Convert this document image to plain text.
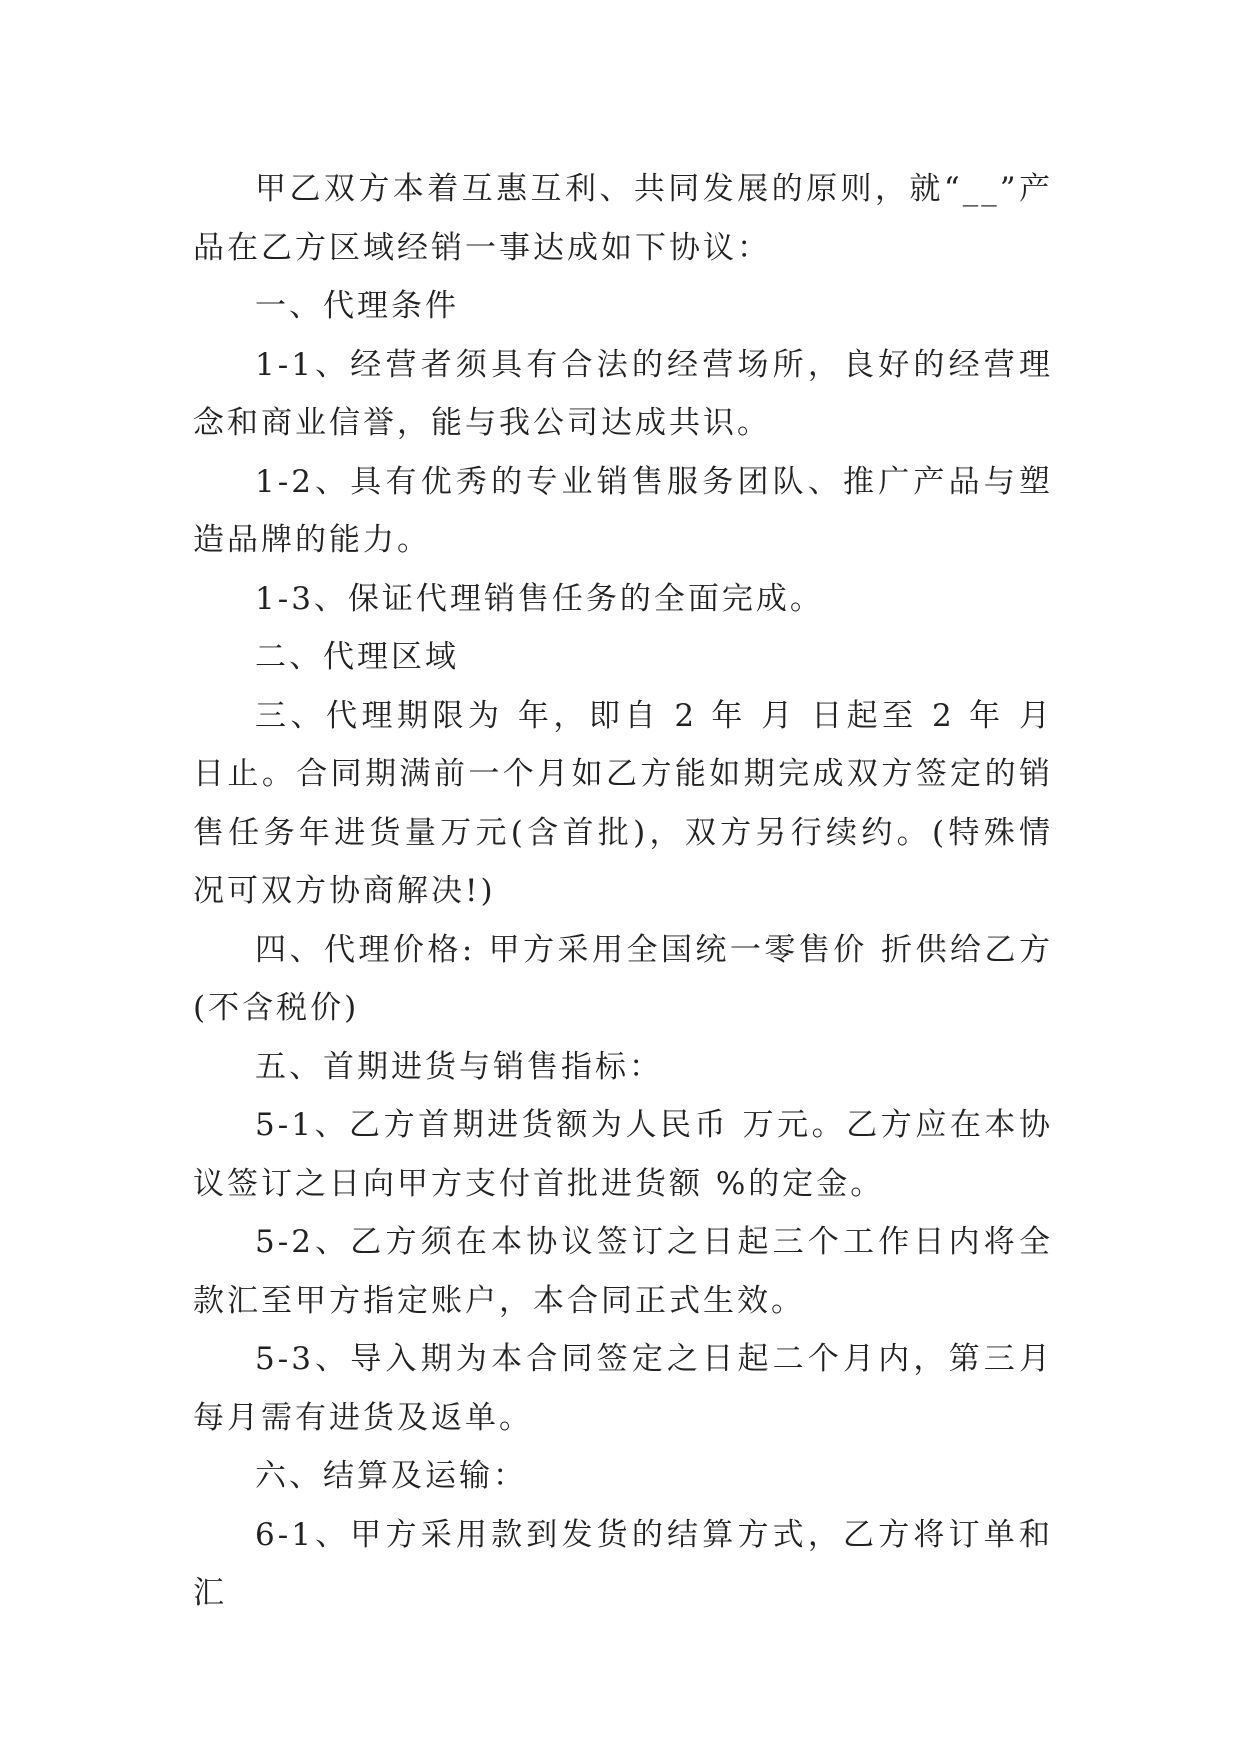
甲乙双方本着互惠互利、共同发展的原则，就“__”产品在乙方区域经销一事达成如下协议：

一、代理条件

1-1、经营者须具有合法的经营场所，良好的经营理念和商业信誉，能与我公司达成共识。

1-2、具有优秀的专业销售服务团队、推广产品与塑造品牌的能力。

1-3、保证代理销售任务的全面完成。

二、代理区域

三、代理期限为 年，即自 2 年 月 日起至 2 年 月 日止。合同期满前一个月如乙方能如期完成双方签定的销售任务年进货量万元(含首批)，双方另行续约。(特殊情况可双方协商解决!)

四、代理价格: 甲方采用全国统一零售价 折供给乙方(不含税价)

五、首期进货与销售指标：

5-1、乙方首期进货额为人民币 万元。乙方应在本协议签订之日向甲方支付首批进货额 %的定金。

5-2、乙方须在本协议签订之日起三个工作日内将全款汇至甲方指定账户，本合同正式生效。

5-3、导入期为本合同签定之日起二个月内，第三月每月需有进货及返单。

六、结算及运输：

6-1、甲方采用款到发货的结算方式，乙方将订单和汇
